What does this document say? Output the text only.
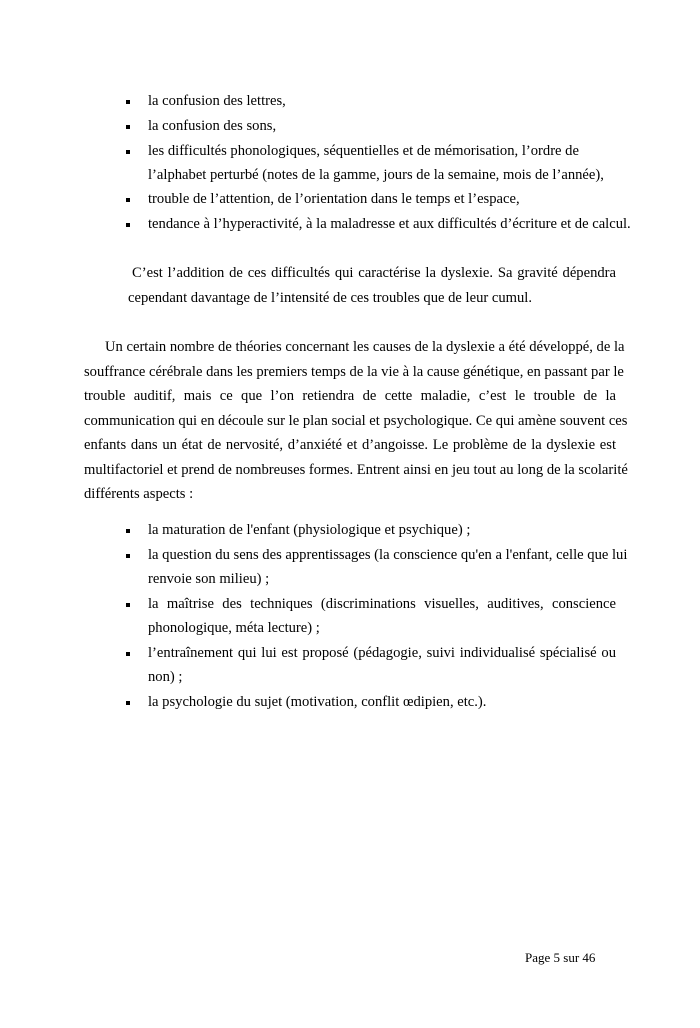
la confusion des lettres,
la confusion des sons,
les difficultés phonologiques, séquentielles et de mémorisation, l’ordre de
l’alphabet perturbé (notes de la gamme, jours de la semaine, mois de l’année),
trouble de l’attention, de l’orientation dans le temps et l’espace,
tendance à l’hyperactivité, à la maladresse et aux difficultés d’écriture et de calcul.
C’est l’addition de ces difficultés qui caractérise la dyslexie. Sa gravité dépendra
cependant davantage de l’intensité de ces troubles que de leur cumul.
Un certain nombre de théories concernant les causes de la dyslexie a été développé, de la
souffrance cérébrale dans les premiers temps de la vie à la cause génétique, en passant par le
trouble auditif, mais ce que l’on retiendra de cette maladie, c’est le trouble de la
communication qui en découle sur le plan social et psychologique. Ce qui amène souvent ces
enfants dans un état de nervosité, d’anxiété et d’angoisse. Le problème de la dyslexie est
multifactoriel et prend de nombreuses formes. Entrent ainsi en jeu tout au long de la scolarité
différents aspects :
la maturation de l'enfant (physiologique et psychique) ;
la question du sens des apprentissages (la conscience qu'en a l'enfant, celle que lui
renvoie son milieu) ;
la maîtrise des techniques (discriminations visuelles, auditives, conscience
phonologique, méta lecture) ;
l’entraînement qui lui est proposé (pédagogie, suivi individualisé spécialisé ou
non) ;
la psychologie du sujet (motivation, conflit œdipien, etc.).
Page 5 sur 46
